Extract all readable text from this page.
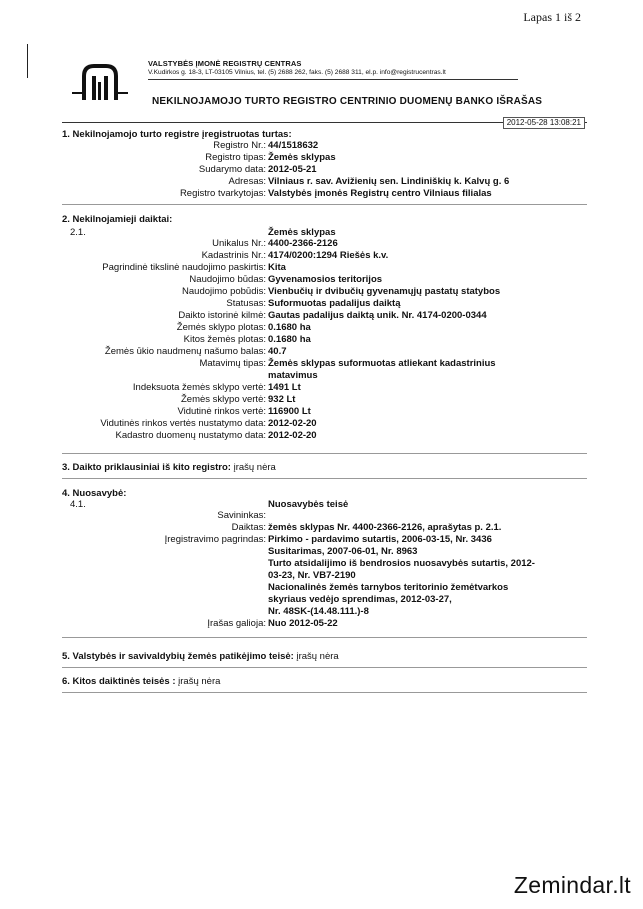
Lapas 1 iš 2
VALSTYBĖS ĮMONĖ REGISTRŲ CENTRAS
V.Kudirkos g. 18-3, LT-03105 Vilnius, tel. (5) 2688 262, faks. (5) 2688 311, el.p. info@registrucentras.lt
NEKILNOJAMOJO TURTO REGISTRO CENTRINIO DUOMENŲ BANKO IŠRAŠAS
2012-05-28 13:08:21
1. Nekilnojamojo turto registre įregistruotas turtas:
Registro Nr.: 44/1518632
Registro tipas: Žemės sklypas
Sudarymo data: 2012-05-21
Adresas: Vilniaus r. sav. Avižienių sen. Lindiniškių k. Kalvų g. 6
Registro tvarkytojas: Valstybės įmonės Registrų centro Vilniaus filialas
2. Nekilnojamieji daiktai:
2.1.	Žemės sklypas
Unikalus Nr.: 4400-2366-2126
Kadastrinis Nr.: 4174/0200:1294 Riešės k.v.
Pagrindinė tikslinė naudojimo paskirtis: Kita
Naudojimo būdas: Gyvenamosios teritorijos
Naudojimo pobūdis: Vienbučių ir dvibučių gyvenamųjų pastatų statybos
Statusas: Suformuotas padalijus daiktą
Daikto istorinė kilmė: Gautas padalijus daiktą unik. Nr. 4174-0200-0344
Žemės sklypo plotas: 0.1680 ha
Kitos žemės plotas: 0.1680 ha
Žemės ūkio naudmenų našumo balas: 40.7
Matavimų tipas: Žemės sklypas suformuotas atliekant kadastrinius
matavimus
Indeksuota žemės sklypo vertė: 1491 Lt
Žemės sklypo vertė: 932 Lt
Vidutinė rinkos vertė: 116900 Lt
Vidutinės rinkos vertės nustatymo data: 2012-02-20
Kadastro duomenų nustatymo data: 2012-02-20
3. Daikto priklausiniai iš kito registro: įrašų nėra
4. Nuosavybė:
4.1.	Nuosavybės teisė
Savininkas:
Daiktas: žemės sklypas Nr. 4400-2366-2126, aprašytas p. 2.1.
Įregistravimo pagrindas: Pirkimo - pardavimo sutartis, 2006-03-15, Nr. 3436
Susitarimas, 2007-06-01, Nr. 8963
Turto atsidalijimo iš bendrosios nuosavybės sutartis, 2012-
03-23, Nr. VB7-2190
Nacionalinės žemės tarnybos teritorinio žemėtvarkos
skyriaus vedėjo sprendimas, 2012-03-27,
Nr. 48SK-(14.48.111.)-8
Įrašas galioja: Nuo 2012-05-22
5. Valstybės ir savivaldybių žemės patikėjimo teisė: įrašų nėra
6. Kitos daiktinės teisės : įrašų nėra
Zemindar.lt
